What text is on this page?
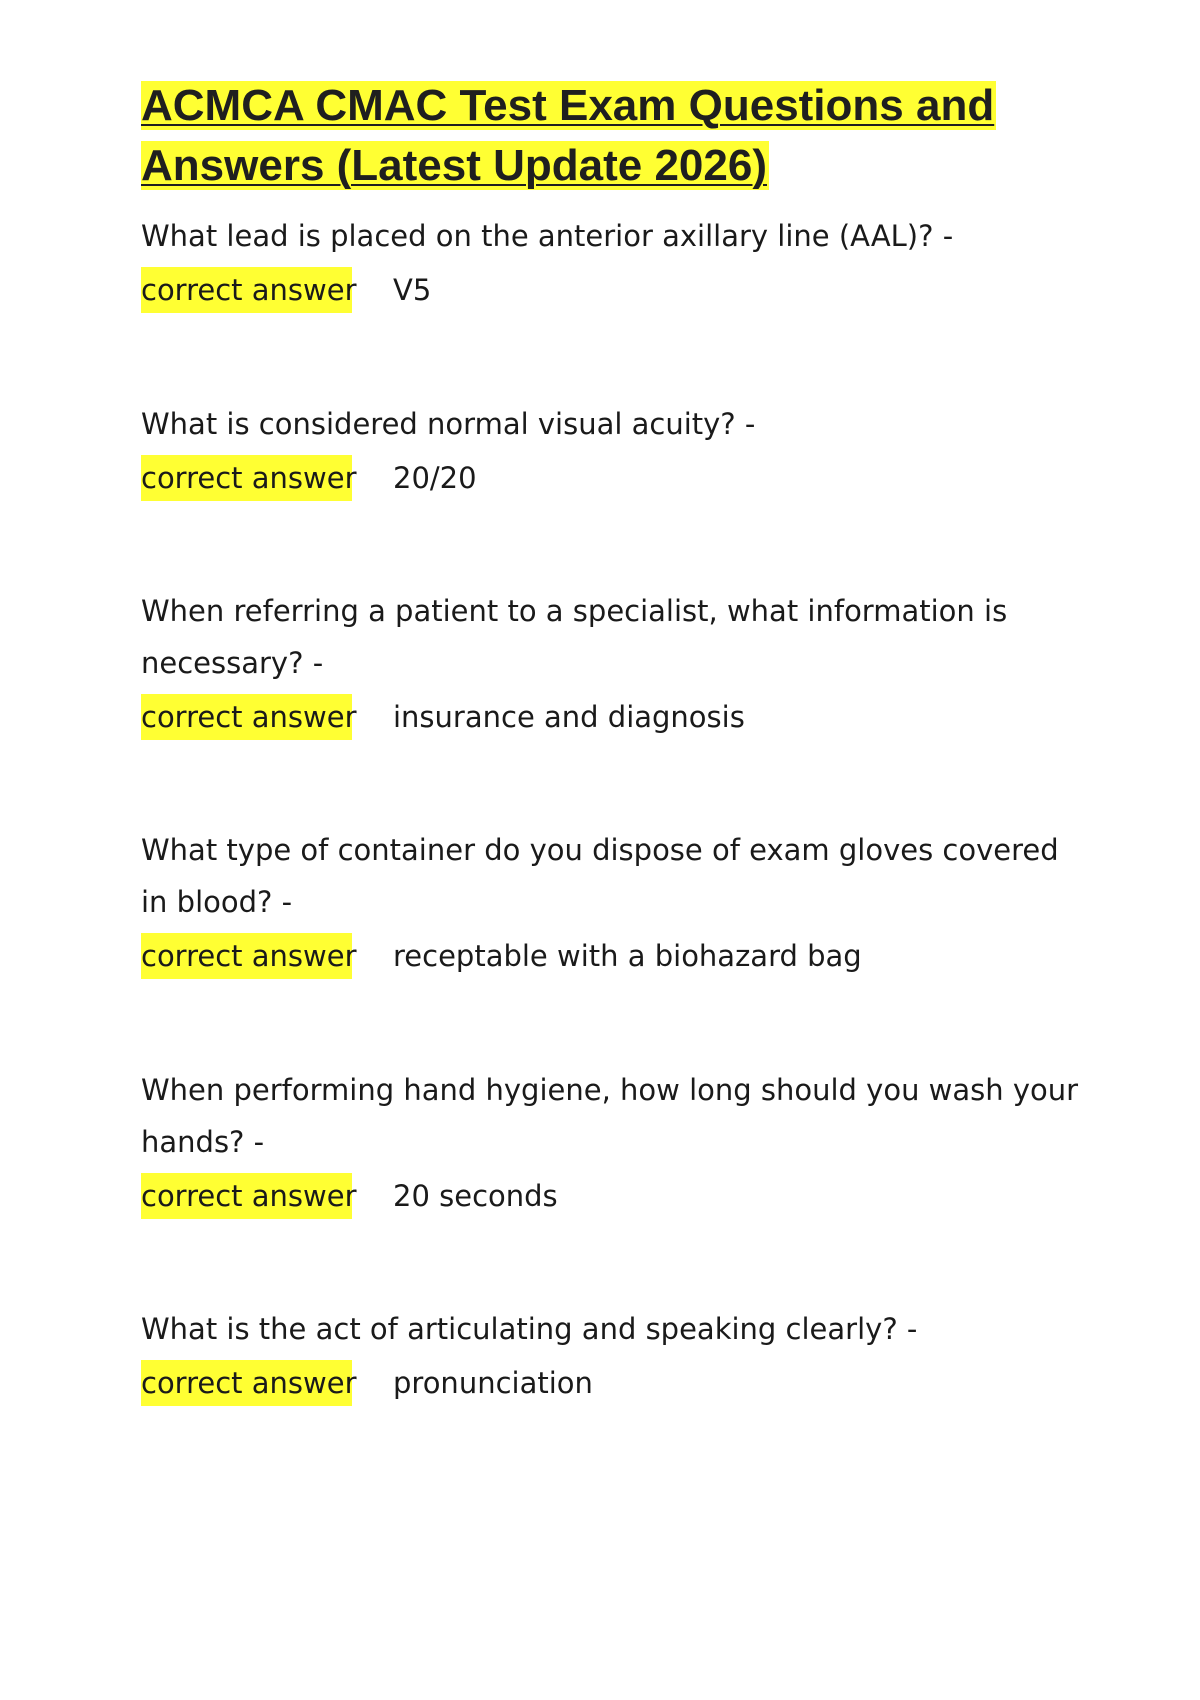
ACMCA CMAC Test Exam Questions and Answers (Latest Update 2026)

What lead is placed on the anterior axillary line (AAL)? -

correct answer V5

What is considered normal visual acuity? -

correct answer 20/20

When referring a patient to a specialist, what information is necessary? -

correct answer insurance and diagnosis

What type of container do you dispose of exam gloves covered in blood? -

correct answer receptable with a biohazard bag

When performing hand hygiene, how long should you wash your hands? -

correct answer 20 seconds

What is the act of articulating and speaking clearly? -

correct answer pronunciation
